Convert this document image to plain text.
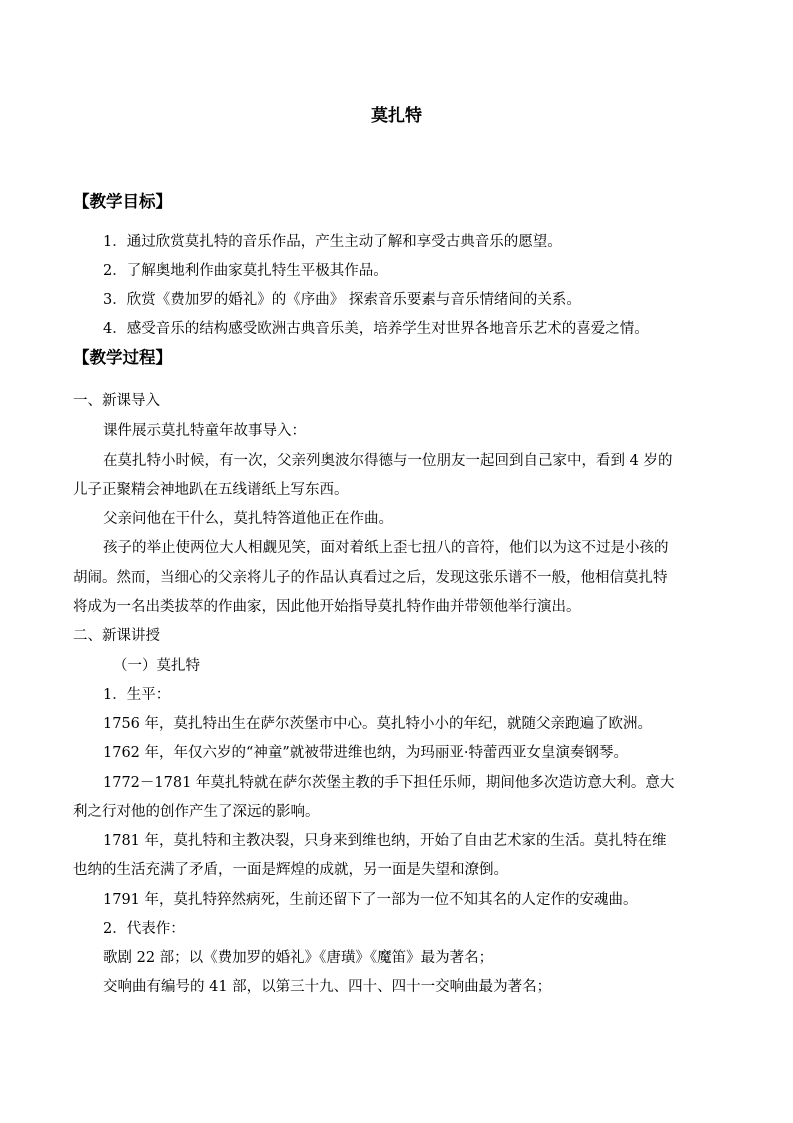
莫扎特
【教学目标】
1．通过欣赏莫扎特的音乐作品，产生主动了解和享受古典音乐的愿望。
2．了解奥地利作曲家莫扎特生平极其作品。
3．欣赏《费加罗的婚礼》的《序曲》 探索音乐要素与音乐情绪间的关系。
4．感受音乐的结构感受欧洲古典音乐美，培养学生对世界各地音乐艺术的喜爱之情。
【教学过程】
一、新课导入
课件展示莫扎特童年故事导入：
在莫扎特小时候，有一次，父亲列奥波尔得德与一位朋友一起回到自己家中，看到 4 岁的
儿子正聚精会神地趴在五线谱纸上写东西。
父亲问他在干什么，莫扎特答道他正在作曲。
孩子的举止使两位大人相觑见笑，面对着纸上歪七扭八的音符，他们以为这不过是小孩的
胡闹。然而，当细心的父亲将儿子的作品认真看过之后，发现这张乐谱不一般，他相信莫扎特
将成为一名出类拔萃的作曲家，因此他开始指导莫扎特作曲并带领他举行演出。
二、新课讲授
（一）莫扎特
1．生平：
1756 年，莫扎特出生在萨尔茨堡市中心。莫扎特小小的年纪，就随父亲跑遍了欧洲。
1762 年，年仅六岁的“神童”就被带进维也纳，为玛丽亚·特蕾西亚女皇演奏钢琴。
1772－1781 年莫扎特就在萨尔茨堡主教的手下担任乐师，期间他多次造访意大利。意大
利之行对他的创作产生了深远的影响。
1781 年，莫扎特和主教决裂，只身来到维也纳，开始了自由艺术家的生活。莫扎特在维
也纳的生活充满了矛盾，一面是辉煌的成就，另一面是失望和潦倒。
1791 年，莫扎特猝然病死，生前还留下了一部为一位不知其名的人定作的安魂曲。
2．代表作：
歌剧 22 部；以《费加罗的婚礼》《唐璜》《魔笛》最为著名；
交响曲有编号的 41 部，以第三十九、四十、四十一交响曲最为著名；
